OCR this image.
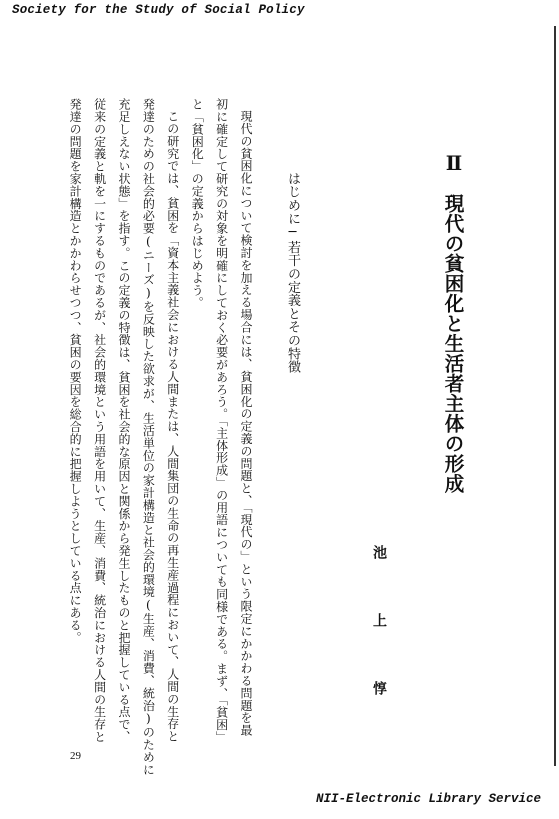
Society for the Study of Social Policy
Ⅱ現代の貧困化と生活者主体の形成
池上惇
はじめに─若干の定義とその特徴
現代の貧困化について検討を加える場合には、貧困化の定義の問題と、「現代の」という限定にかかわる問題を最
初に確定して研究の対象を明確にしておく必要があろう。「主体形成」の用語についても同様である。まず、「貧困」
と「貧困化」の定義からはじめよう。
この研究では、貧困を「資本主義社会における人間または、人間集団の生命の再生産過程において、人間の生存と
発達のための社会的必要(ニーズ)を反映した欲求が、生活単位の家計構造と社会的環境(生産、消費、統治)のために
充足しえない状態」を指す。この定義の特徴は、貧困を社会的な原因と関係から発生したものと把握している点で、
従来の定義と軌を一にするものであるが、社会的環境という用語を用いて、生産、消費、統治における人間の生存と
発達の問題を家計構造とかかわらせつつ、貧困の要因を総合的に把握しようとしている点にある。
29
NII-Electronic Library Service
